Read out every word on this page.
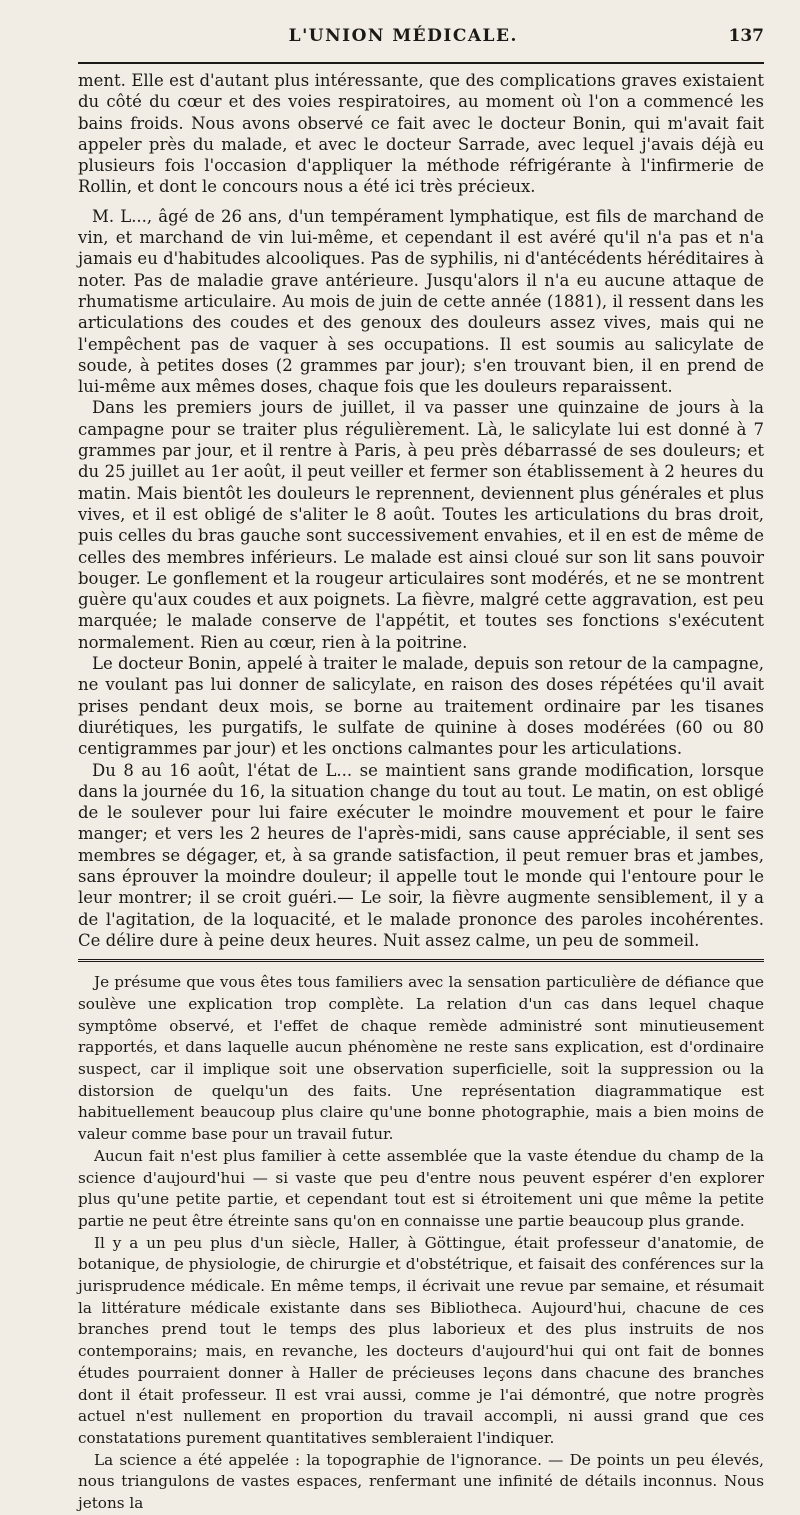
L'UNION MÉDICALE.	137

ment. Elle est d'autant plus intéressante, que des complications graves existaient du côté du cœur et des voies respiratoires, au moment où l'on a commencé les bains froids. Nous avons observé ce fait avec le docteur Bonin, qui m'avait fait appeler près du malade, et avec le docteur Sarrade, avec lequel j'avais déjà eu plusieurs fois l'occasion d'appliquer la méthode réfrigérante à l'infirmerie de Rollin, et dont le concours nous a été ici très précieux.

M. L..., âgé de 26 ans, d'un tempérament lymphatique, est fils de marchand de vin, et marchand de vin lui-même, et cependant il est avéré qu'il n'a pas et n'a jamais eu d'habitudes alcooliques. Pas de syphilis, ni d'antécédents héréditaires à noter. Pas de maladie grave antérieure. Jusqu'alors il n'a eu aucune attaque de rhumatisme articulaire. Au mois de juin de cette année (1881), il ressent dans les articulations des coudes et des genoux des douleurs assez vives, mais qui ne l'empêchent pas de vaquer à ses occupations. Il est soumis au salicylate de soude, à petites doses (2 grammes par jour); s'en trouvant bien, il en prend de lui-même aux mêmes doses, chaque fois que les douleurs reparaissent.

Dans les premiers jours de juillet, il va passer une quinzaine de jours à la campagne pour se traiter plus régulièrement. Là, le salicylate lui est donné à 7 grammes par jour, et il rentre à Paris, à peu près débarrassé de ses douleurs; et du 25 juillet au 1er août, il peut veiller et fermer son établissement à 2 heures du matin. Mais bientôt les douleurs le reprennent, deviennent plus générales et plus vives, et il est obligé de s'aliter le 8 août. Toutes les articulations du bras droit, puis celles du bras gauche sont successivement envahies, et il en est de même de celles des membres inférieurs. Le malade est ainsi cloué sur son lit sans pouvoir bouger. Le gonflement et la rougeur articulaires sont modérés, et ne se montrent guère qu'aux coudes et aux poignets. La fièvre, malgré cette aggravation, est peu marquée; le malade conserve de l'appétit, et toutes ses fonctions s'exécutent normalement. Rien au cœur, rien à la poitrine.

Le docteur Bonin, appelé à traiter le malade, depuis son retour de la campagne, ne voulant pas lui donner de salicylate, en raison des doses répétées qu'il avait prises pendant deux mois, se borne au traitement ordinaire par les tisanes diurétiques, les purgatifs, le sulfate de quinine à doses modérées (60 ou 80 centigrammes par jour) et les onctions calmantes pour les articulations.

Du 8 au 16 août, l'état de L... se maintient sans grande modification, lorsque dans la journée du 16, la situation change du tout au tout. Le matin, on est obligé de le soulever pour lui faire exécuter le moindre mouvement et pour le faire manger; et vers les 2 heures de l'après-midi, sans cause appréciable, il sent ses membres se dégager, et, à sa grande satisfaction, il peut remuer bras et jambes, sans éprouver la moindre douleur; il appelle tout le monde qui l'entoure pour le leur montrer; il se croit guéri.— Le soir, la fièvre augmente sensiblement, il y a de l'agitation, de la loquacité, et le malade prononce des paroles incohérentes. Ce délire dure à peine deux heures. Nuit assez calme, un peu de sommeil.

Je présume que vous êtes tous familiers avec la sensation particulière de défiance que soulève une explication trop complète. La relation d'un cas dans lequel chaque symptôme observé, et l'effet de chaque remède administré sont minutieusement rapportés, et dans laquelle aucun phénomène ne reste sans explication, est d'ordinaire suspect, car il implique soit une observation superficielle, soit la suppression ou la distorsion de quelqu'un des faits. Une représentation diagrammatique est habituellement beaucoup plus claire qu'une bonne photographie, mais a bien moins de valeur comme base pour un travail futur.

Aucun fait n'est plus familier à cette assemblée que la vaste étendue du champ de la science d'aujourd'hui — si vaste que peu d'entre nous peuvent espérer d'en explorer plus qu'une petite partie, et cependant tout est si étroitement uni que même la petite partie ne peut être étreinte sans qu'on en connaisse une partie beaucoup plus grande.

Il y a un peu plus d'un siècle, Haller, à Göttingue, était professeur d'anatomie, de botanique, de physiologie, de chirurgie et d'obstétrique, et faisait des conférences sur la jurisprudence médicale. En même temps, il écrivait une revue par semaine, et résumait la littérature médicale existante dans ses Bibliotheca. Aujourd'hui, chacune de ces branches prend tout le temps des plus laborieux et des plus instruits de nos contemporains; mais, en revanche, les docteurs d'aujourd'hui qui ont fait de bonnes études pourraient donner à Haller de précieuses leçons dans chacune des branches dont il était professeur. Il est vrai aussi, comme je l'ai démontré, que notre progrès actuel n'est nullement en proportion du travail accompli, ni aussi grand que ces constatations purement quantitatives sembleraient l'indiquer.

La science a été appelée : la topographie de l'ignorance. — De points un peu élevés, nous triangulons de vastes espaces, renfermant une infinité de détails inconnus. Nous jetons la
